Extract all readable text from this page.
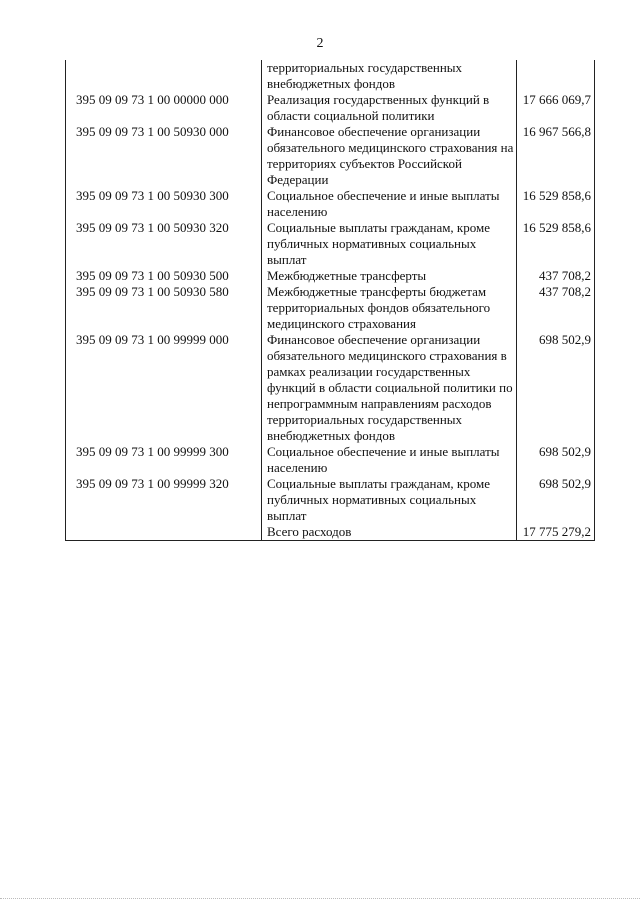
2
	территориальных государственных внебюджетных фондов	
395 09 09 73 1 00 00000 000	Реализация государственных функций в области социальной политики	17 666 069,7
395 09 09 73 1 00 50930 000	Финансовое обеспечение организации обязательного медицинского страхования на территориях субъектов Российской Федерации	16 967 566,8
395 09 09 73 1 00 50930 300	Социальное обеспечение и иные выплаты населению	16 529 858,6
395 09 09 73 1 00 50930 320	Социальные выплаты гражданам, кроме публичных нормативных социальных выплат	16 529 858,6
395 09 09 73 1 00 50930 500	Межбюджетные трансферты	437 708,2
395 09 09 73 1 00 50930 580	Межбюджетные трансферты бюджетам территориальных фондов обязательного медицинского страхования	437 708,2
395 09 09 73 1 00 99999 000	Финансовое обеспечение организации обязательного медицинского страхования в рамках реализации государственных функций в области социальной политики по непрограммным направлениям расходов территориальных государственных внебюджетных фондов	698 502,9
395 09 09 73 1 00 99999 300	Социальное обеспечение и иные выплаты населению	698 502,9
395 09 09 73 1 00 99999 320	Социальные выплаты гражданам, кроме публичных нормативных социальных выплат	698 502,9
	Всего расходов	17 775 279,2
